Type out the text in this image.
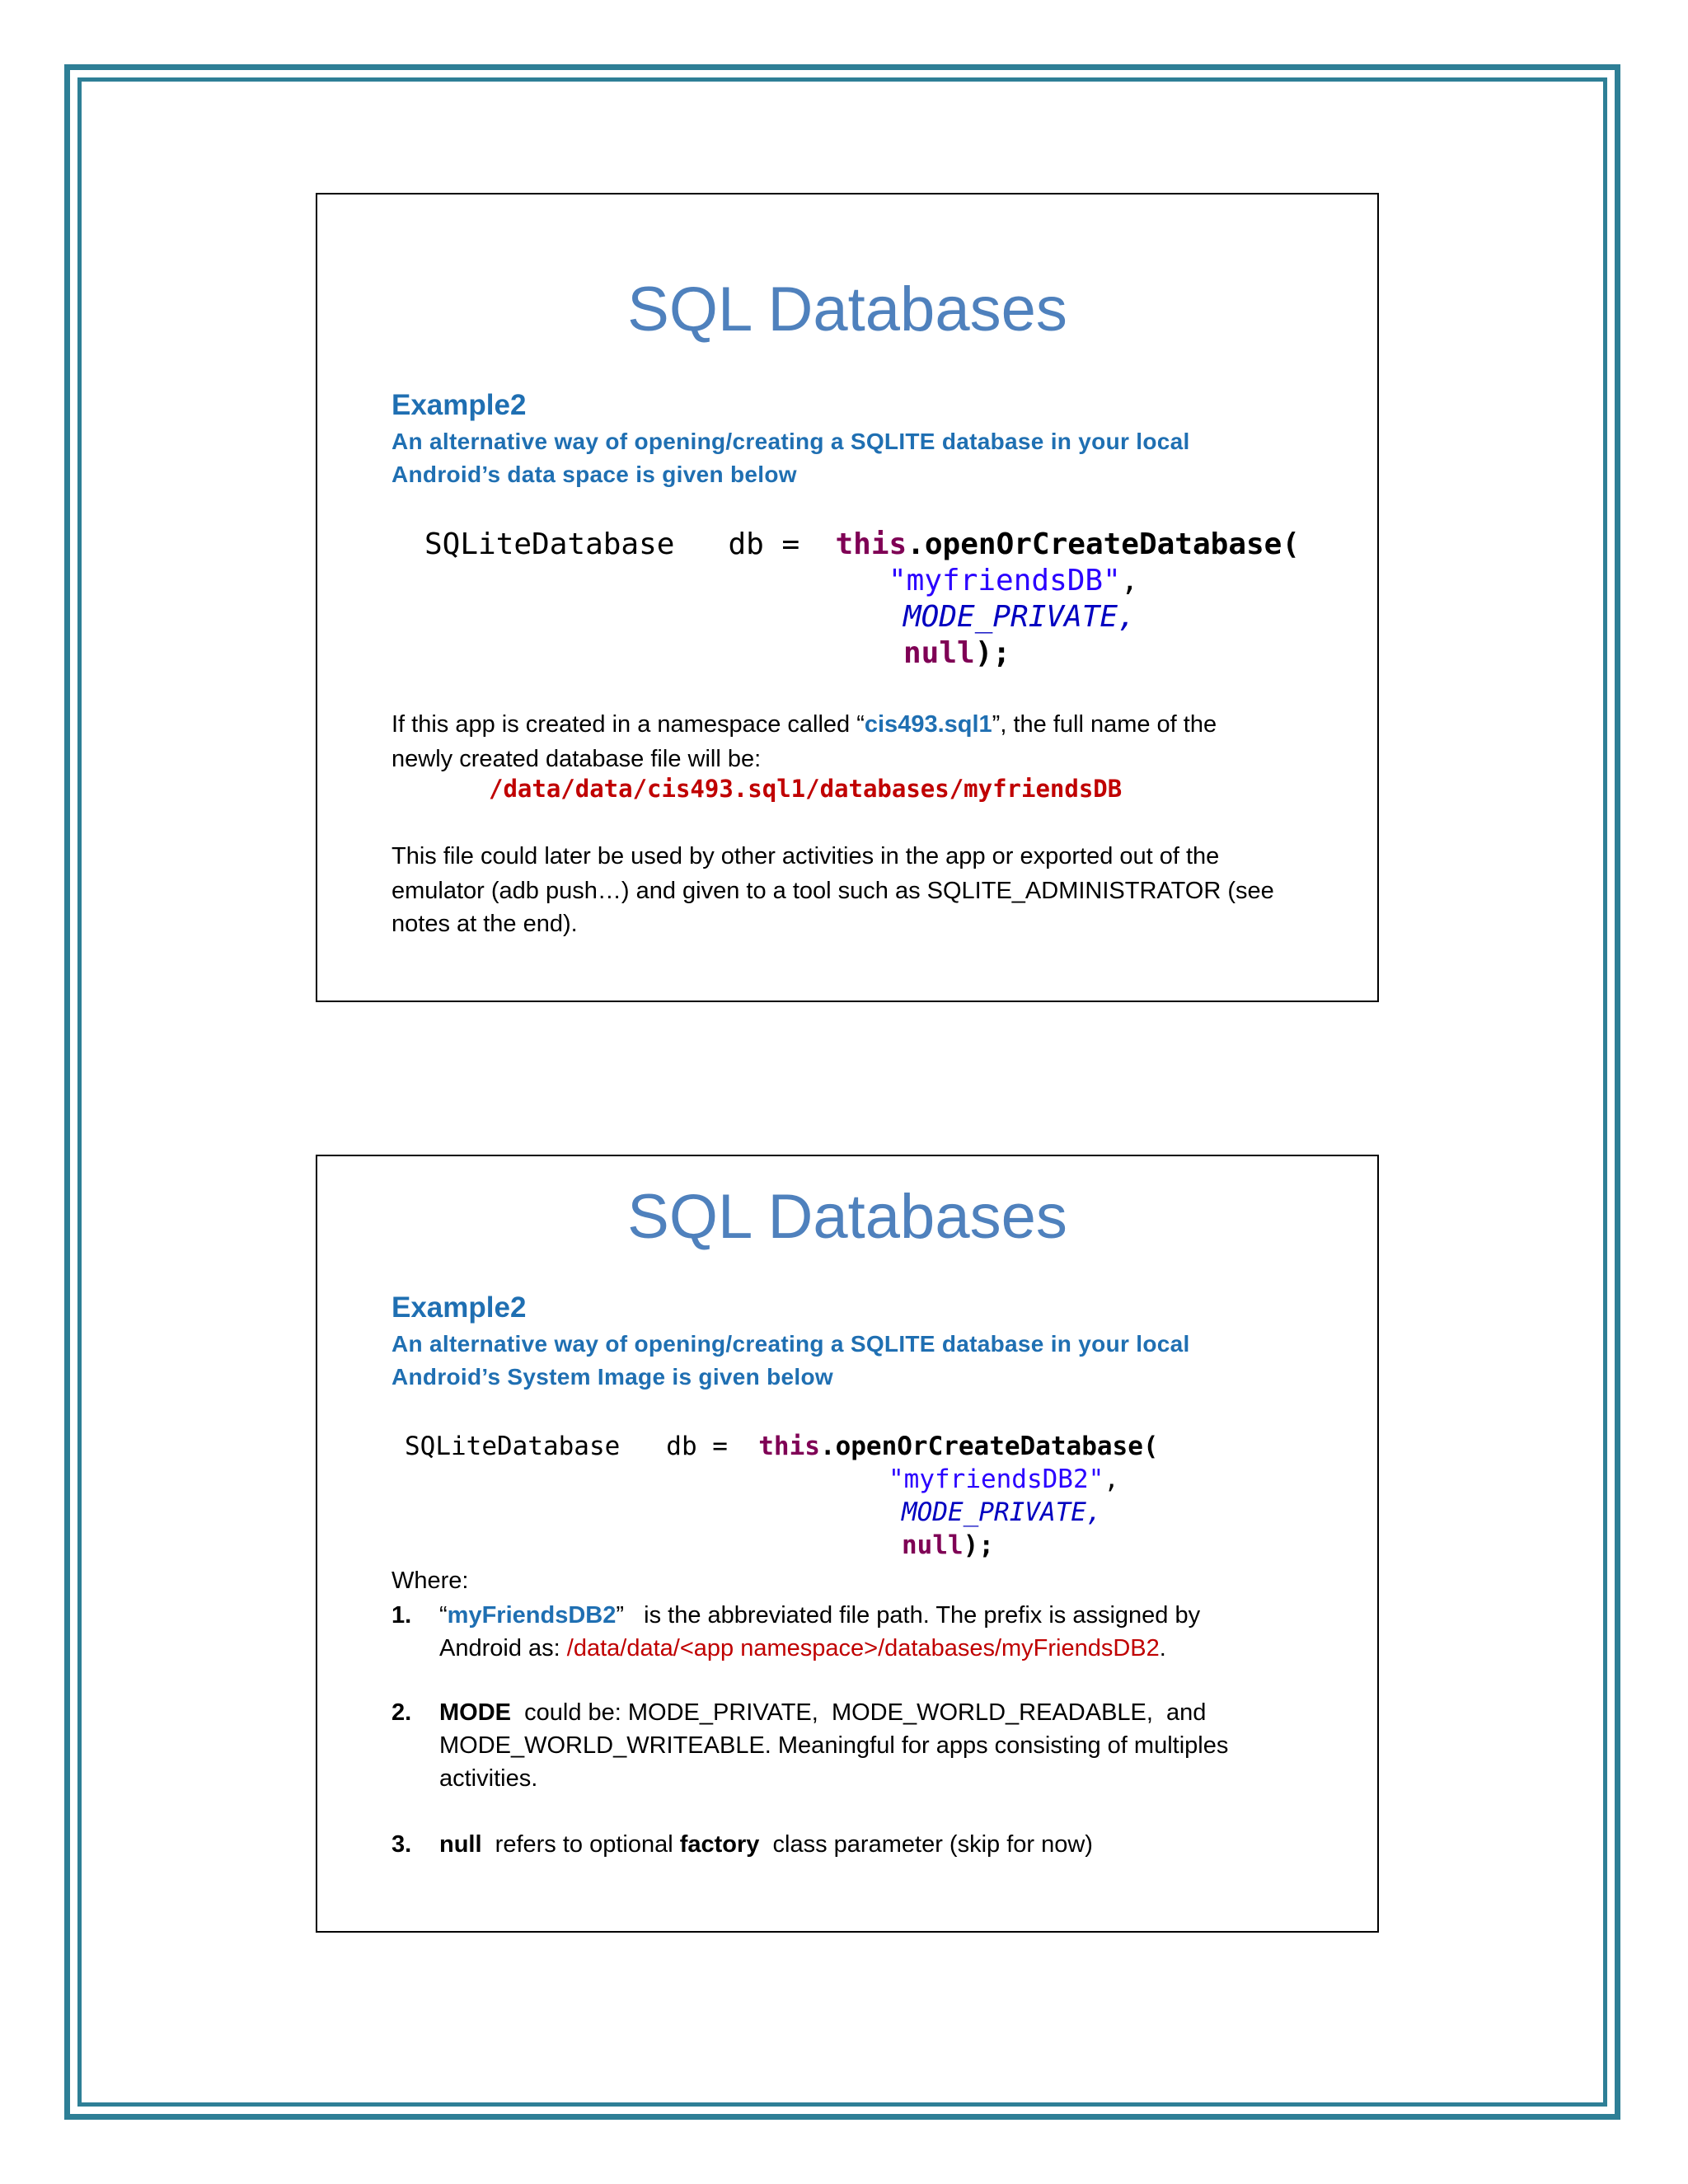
SQL Databases
Example2
An alternative way of opening/creating a SQLITE database in your local
Android’s data space is given below
SQLiteDatabase   db =  this.openOrCreateDatabase(
"myfriendsDB",
MODE_PRIVATE,
null);
If this app is created in a namespace called “cis493.sql1”, the full name of the
newly created database file will be:
/data/data/cis493.sql1/databases/myfriendsDB
This file could later be used by other activities in the app or exported out of the
emulator (adb push…) and given to a tool such as SQLITE_ADMINISTRATOR (see
notes at the end).
SQL Databases
Example2
An alternative way of opening/creating a SQLITE database in your local
Android’s System Image is given below
SQLiteDatabase   db =  this.openOrCreateDatabase(
"myfriendsDB2",
MODE_PRIVATE,
null);
Where:
1. “myFriendsDB2”   is the abbreviated file path. The prefix is assigned by
Android as: /data/data/<app namespace>/databases/myFriendsDB2.
2. MODE  could be: MODE_PRIVATE,  MODE_WORLD_READABLE,  and
MODE_WORLD_WRITEABLE. Meaningful for apps consisting of multiples
activities.
3. null  refers to optional factory  class parameter (skip for now)
